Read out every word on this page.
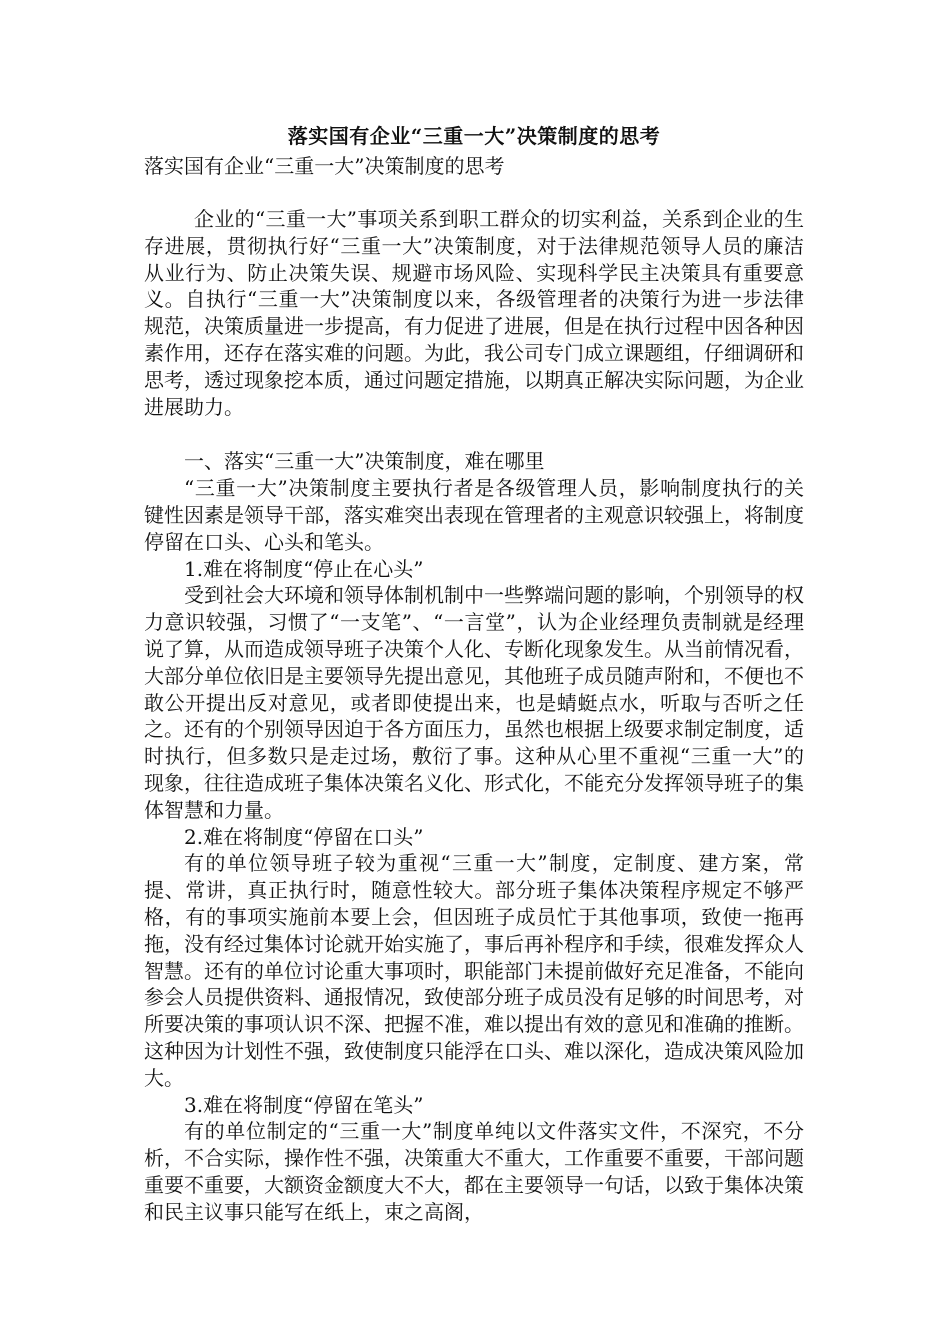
落实国有企业“三重一大”决策制度的思考

落实国有企业“三重一大”决策制度的思考

企业的“三重一大”事项关系到职工群众的切实利益，关系到企业的生存进展，贯彻执行好“三重一大”决策制度，对于法律规范领导人员的廉洁从业行为、防止决策失误、规避市场风险、实现科学民主决策具有重要意义。自执行“三重一大”决策制度以来，各级管理者的决策行为进一步法律规范，决策质量进一步提高，有力促进了进展，但是在执行过程中因各种因素作用，还存在落实难的问题。为此，我公司专门成立课题组，仔细调研和思考，透过现象挖本质，通过问题定措施，以期真正解决实际问题，为企业进展助力。

一、落实“三重一大”决策制度，难在哪里

“三重一大”决策制度主要执行者是各级管理人员，影响制度执行的关键性因素是领导干部，落实难突出表现在管理者的主观意识较强上，将制度停留在口头、心头和笔头。

1.难在将制度“停止在心头”

受到社会大环境和领导体制机制中一些弊端问题的影响，个别领导的权力意识较强，习惯了“一支笔”、“一言堂”，认为企业经理负责制就是经理说了算，从而造成领导班子决策个人化、专断化现象发生。从当前情况看，大部分单位依旧是主要领导先提出意见，其他班子成员随声附和，不便也不敢公开提出反对意见，或者即使提出来，也是蜻蜓点水，听取与否听之任之。还有的个别领导因迫于各方面压力，虽然也根据上级要求制定制度，适时执行，但多数只是走过场，敷衍了事。这种从心里不重视“三重一大”的现象，往往造成班子集体决策名义化、形式化，不能充分发挥领导班子的集体智慧和力量。

2.难在将制度“停留在口头”

有的单位领导班子较为重视“三重一大”制度，定制度、建方案，常提、常讲，真正执行时，随意性较大。部分班子集体决策程序规定不够严格，有的事项实施前本要上会，但因班子成员忙于其他事项，致使一拖再拖，没有经过集体讨论就开始实施了，事后再补程序和手续，很难发挥众人智慧。还有的单位讨论重大事项时，职能部门未提前做好充足准备，不能向参会人员提供资料、通报情况，致使部分班子成员没有足够的时间思考，对所要决策的事项认识不深、把握不准，难以提出有效的意见和准确的推断。这种因为计划性不强，致使制度只能浮在口头、难以深化，造成决策风险加大。

3.难在将制度“停留在笔头”

有的单位制定的“三重一大”制度单纯以文件落实文件，不深究，不分析，不合实际，操作性不强，决策重大不重大，工作重要不重要，干部问题重要不重要，大额资金额度大不大，都在主要领导一句话，以致于集体决策和民主议事只能写在纸上，束之高阁，
